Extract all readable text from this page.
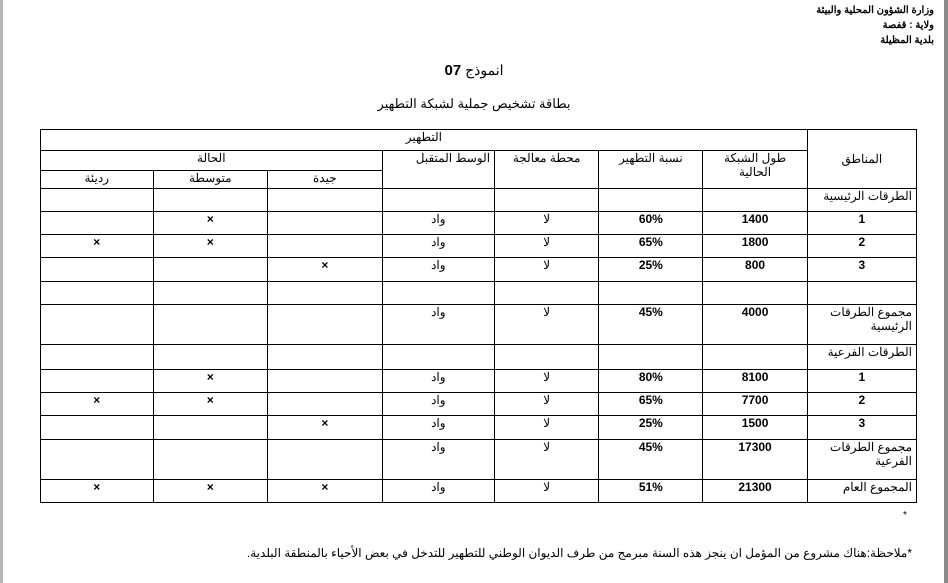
وزارة الشؤون المحلية والبيئة
ولاية : قفصة
بلدية المظيلة
انموذج 07
بطاقة تشخيص جملية لشبكة التطهير
المناطق	التطهير						
	طول الشبكة الحالية	نسبة التطهير	محطة معالجة	الوسط المتقبل	الحالة		
					جيدة	متوسطة	رديئة
الطرقات الرئيسية							
1	1400	60%	لا	واد		×	
2	1800	65%	لا	واد		×	×
3	800	25%	لا	واد	×		

مجموع الطرقات الرئيسية	4000	45%	لا	واد			
الطرقات الفرعية							
1	8100	80%	لا	واد		×	
2	7700	65%	لا	واد		×	×
3	1500	25%	لا	واد	×		
مجموع الطرقات الفرعية	17300	45%	لا	واد			
المجموع العام	21300	51%	لا	واد	×	×	×
*
*ملاحظة:هناك مشروع من المؤمل ان ينجز هذه السنة مبرمج من طرف الديوان الوطني للتطهير للتدخل في بعض الأحياء بالمنطقة البلدية.
